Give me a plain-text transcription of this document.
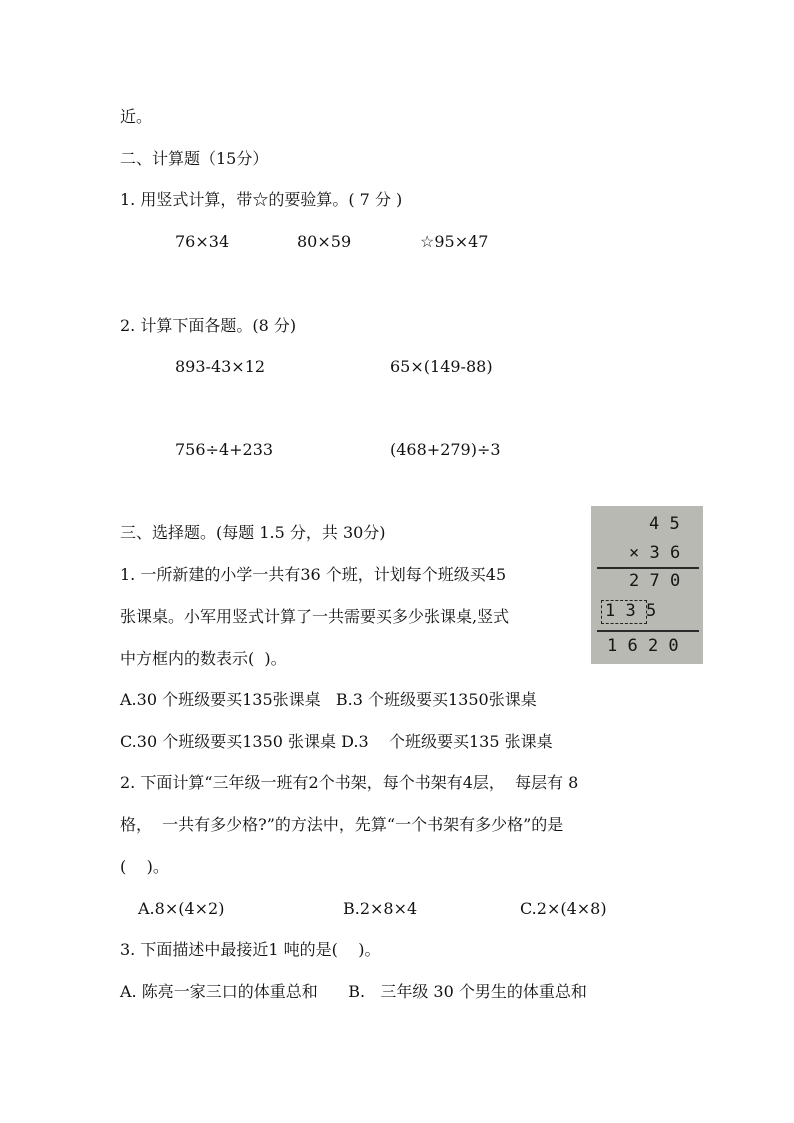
近。
二、计算题（15分）
1. 用竖式计算，带☆的要验算。( 7 分 )
76×34	80×59	☆95×47
2. 计算下面各题。(8 分)
893-43×12	65×(149-88)
756÷4+233	(468+279)÷3
三、选择题。(每题 1.5 分，共 30分)
1. 一所新建的小学一共有36 个班，计划每个班级买45
张课桌。小军用竖式计算了一共需要买多少张课桌,竖式
中方框内的数表示(  )。
A.30 个班级要买135张课桌   B.3 个班级要买1350张课桌
C.30 个班级要买1350 张课桌 D.3    个班级要买135 张课桌
2. 下面计算“三年级一班有2个书架，每个书架有4层，  每层有 8
格，  一共有多少格?”的方法中，先算“一个书架有多少格”的是
(    )。
A.8×(4×2)	B.2×8×4	C.2×(4×8)
3. 下面描述中最接近1 吨的是(    )。
A. 陈亮一家三口的体重总和      B.   三年级 30 个男生的体重总和
4 5
× 3 6
2 7 0
1 3 5
1 6 2 0
